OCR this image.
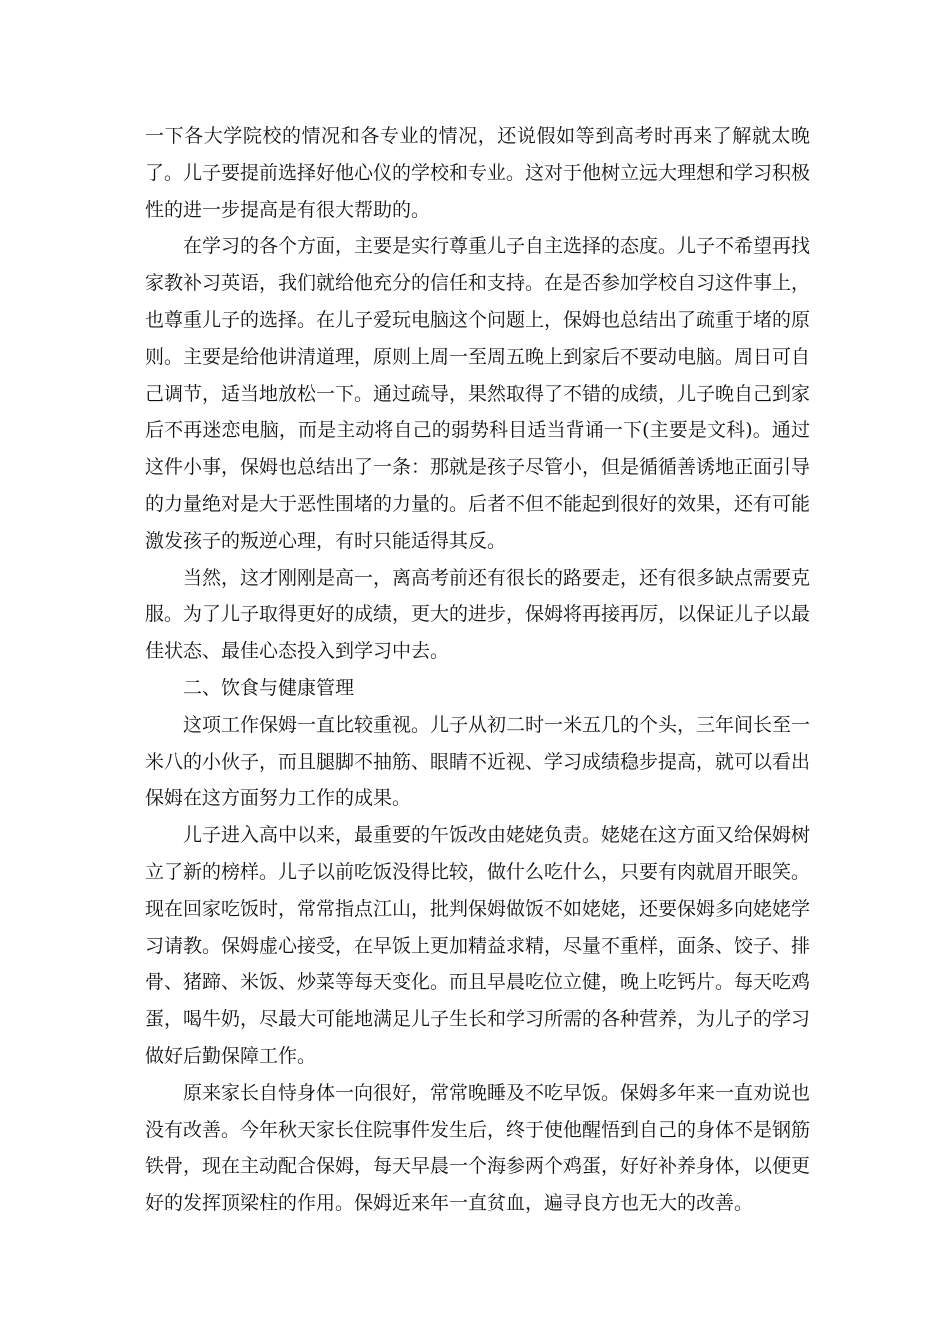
一下各大学院校的情况和各专业的情况，还说假如等到高考时再来了解就太晚了。儿子要提前选择好他心仪的学校和专业。这对于他树立远大理想和学习积极性的进一步提高是有很大帮助的。

在学习的各个方面，主要是实行尊重儿子自主选择的态度。儿子不希望再找家教补习英语，我们就给他充分的信任和支持。在是否参加学校自习这件事上，也尊重儿子的选择。在儿子爱玩电脑这个问题上，保姆也总结出了疏重于堵的原则。主要是给他讲清道理，原则上周一至周五晚上到家后不要动电脑。周日可自己调节，适当地放松一下。通过疏导，果然取得了不错的成绩，儿子晚自己到家后不再迷恋电脑，而是主动将自己的弱势科目适当背诵一下(主要是文科)。通过这件小事，保姆也总结出了一条：那就是孩子尽管小，但是循循善诱地正面引导的力量绝对是大于恶性围堵的力量的。后者不但不能起到很好的效果，还有可能激发孩子的叛逆心理，有时只能适得其反。

当然，这才刚刚是高一，离高考前还有很长的路要走，还有很多缺点需要克服。为了儿子取得更好的成绩，更大的进步，保姆将再接再厉，以保证儿子以最佳状态、最佳心态投入到学习中去。

二、饮食与健康管理

这项工作保姆一直比较重视。儿子从初二时一米五几的个头，三年间长至一米八的小伙子，而且腿脚不抽筋、眼睛不近视、学习成绩稳步提高，就可以看出保姆在这方面努力工作的成果。

儿子进入高中以来，最重要的午饭改由姥姥负责。姥姥在这方面又给保姆树立了新的榜样。儿子以前吃饭没得比较，做什么吃什么，只要有肉就眉开眼笑。现在回家吃饭时，常常指点江山，批判保姆做饭不如姥姥，还要保姆多向姥姥学习请教。保姆虚心接受，在早饭上更加精益求精，尽量不重样，面条、饺子、排骨、猪蹄、米饭、炒菜等每天变化。而且早晨吃位立健，晚上吃钙片。每天吃鸡蛋，喝牛奶，尽最大可能地满足儿子生长和学习所需的各种营养，为儿子的学习做好后勤保障工作。

原来家长自恃身体一向很好，常常晚睡及不吃早饭。保姆多年来一直劝说也没有改善。今年秋天家长住院事件发生后，终于使他醒悟到自己的身体不是钢筋铁骨，现在主动配合保姆，每天早晨一个海参两个鸡蛋，好好补养身体，以便更好的发挥顶梁柱的作用。保姆近来年一直贫血，遍寻良方也无大的改善。
